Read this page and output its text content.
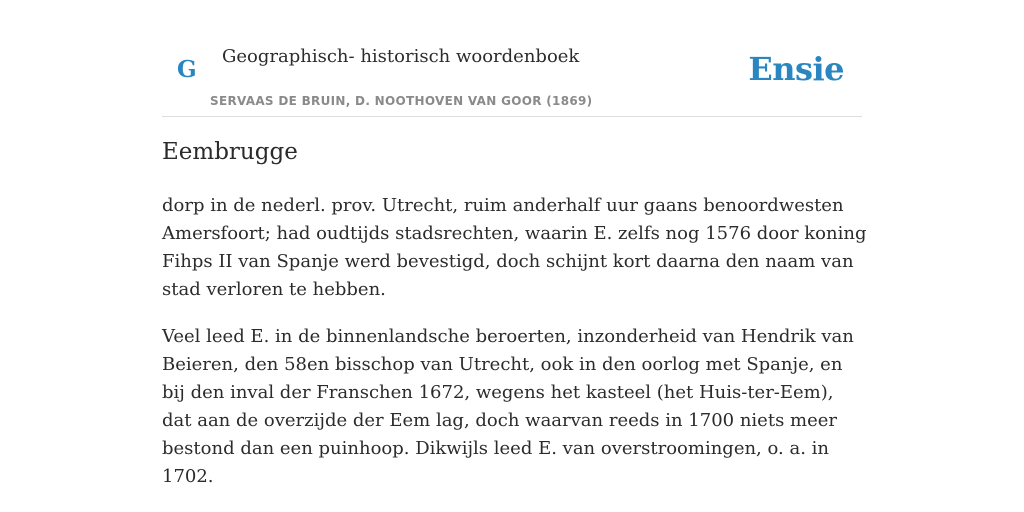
G Geographisch- historisch woordenboek
SERVAAS DE BRUIN, D. NOOTHOVEN VAN GOOR (1869)
Ensie
Eembrugge

dorp in de nederl. prov. Utrecht, ruim anderhalf uur gaans benoordwesten Amersfoort; had oudtijds stadsrechten, waarin E. zelfs nog 1576 door koning Fihps II van Spanje werd bevestigd, doch schijnt kort daarna den naam van stad verloren te hebben.

Veel leed E. in de binnenlandsche beroerten, inzonderheid van Hendrik van Beieren, den 58en bisschop van Utrecht, ook in den oorlog met Spanje, en bij den inval der Franschen 1672, wegens het kasteel (het Huis-ter-Eem), dat aan de overzijde der Eem lag, doch waarvan reeds in 1700 niets meer bestond dan een puinhoop. Dikwijls leed E. van overstroomingen, o. a. in 1702.
